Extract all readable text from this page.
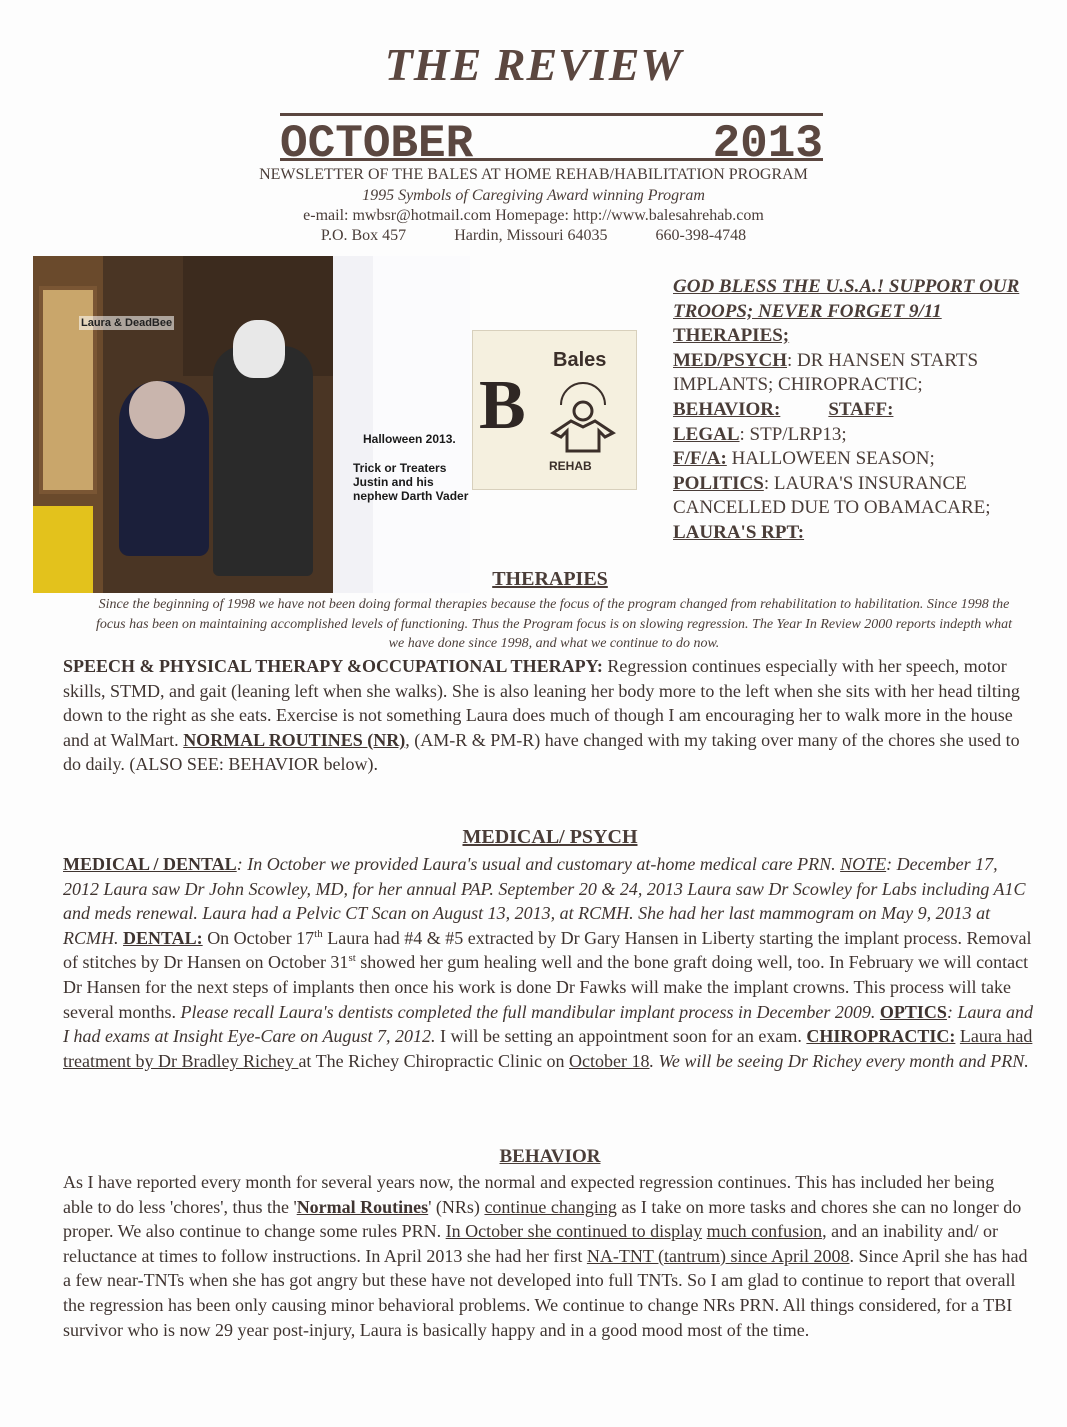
THE REVIEW
OCTOBER	2013
NEWSLETTER OF THE BALES AT HOME REHAB/HABILITATION PROGRAM
1995 Symbols of Caregiving Award winning Program
e-mail: mwbsr@hotmail.com Homepage: http://www.balesahrehab.com
P.O. Box 457	Hardin, Missouri 64035	660-398-4748
Laura & DeadBee
Halloween 2013.
Trick or Treaters Justin and his nephew Darth Vader
Bales
B
REHAB
GOD BLESS THE U.S.A.! SUPPORT OUR TROOPS; NEVER FORGET 9/11
THERAPIES;
MED/PSYCH: DR HANSEN STARTS IMPLANTS; CHIROPRACTIC;
BEHAVIOR:	STAFF:
LEGAL: STP/LRP13;
F/F/A: HALLOWEEN SEASON;
POLITICS: LAURA'S INSURANCE CANCELLED DUE TO OBAMACARE;
LAURA'S RPT:
THERAPIES
Since the beginning of 1998 we have not been doing formal therapies because the focus of the program changed from rehabilitation to habilitation. Since 1998 the focus has been on maintaining accomplished levels of functioning. Thus the Program focus is on slowing regression. The Year In Review 2000 reports indepth what we have done since 1998, and what we continue to do now.
SPEECH & PHYSICAL THERAPY &OCCUPATIONAL THERAPY: Regression continues especially with her speech, motor skills, STMD, and gait (leaning left when she walks). She is also leaning her body more to the left when she sits with her head tilting down to the right as she eats. Exercise is not something Laura does much of though I am encouraging her to walk more in the house and at WalMart. NORMAL ROUTINES (NR), (AM-R & PM-R) have changed with my taking over many of the chores she used to do daily. (ALSO SEE: BEHAVIOR below).
MEDICAL/ PSYCH
MEDICAL / DENTAL: In October we provided Laura's usual and customary at-home medical care PRN. NOTE: December 17, 2012 Laura saw Dr John Scowley, MD, for her annual PAP. September 20 & 24, 2013 Laura saw Dr Scowley for Labs including A1C and meds renewal. Laura had a Pelvic CT Scan on August 13, 2013, at RCMH. She had her last mammogram on May 9, 2013 at RCMH. DENTAL: On October 17th Laura had #4 & #5 extracted by Dr Gary Hansen in Liberty starting the implant process. Removal of stitches by Dr Hansen on October 31st showed her gum healing well and the bone graft doing well, too. In February we will contact Dr Hansen for the next steps of implants then once his work is done Dr Fawks will make the implant crowns. This process will take several months. Please recall Laura's dentists completed the full mandibular implant process in December 2009. OPTICS: Laura and I had exams at Insight Eye-Care on August 7, 2012. I will be setting an appointment soon for an exam. CHIROPRACTIC: Laura had treatment by Dr Bradley Richey at The Richey Chiropractic Clinic on October 18. We will be seeing Dr Richey every month and PRN.
BEHAVIOR
As I have reported every month for several years now, the normal and expected regression continues. This has included her being able to do less 'chores', thus the 'Normal Routines' (NRs) continue changing as I take on more tasks and chores she can no longer do proper. We also continue to change some rules PRN. In October she continued to display much confusion, and an inability and/ or reluctance at times to follow instructions. In April 2013 she had her first NA-TNT (tantrum) since April 2008. Since April she has had a few near-TNTs when she has got angry but these have not developed into full TNTs. So I am glad to continue to report that overall the regression has been only causing minor behavioral problems. We continue to change NRs PRN. All things considered, for a TBI survivor who is now 29 year post-injury, Laura is basically happy and in a good mood most of the time.
